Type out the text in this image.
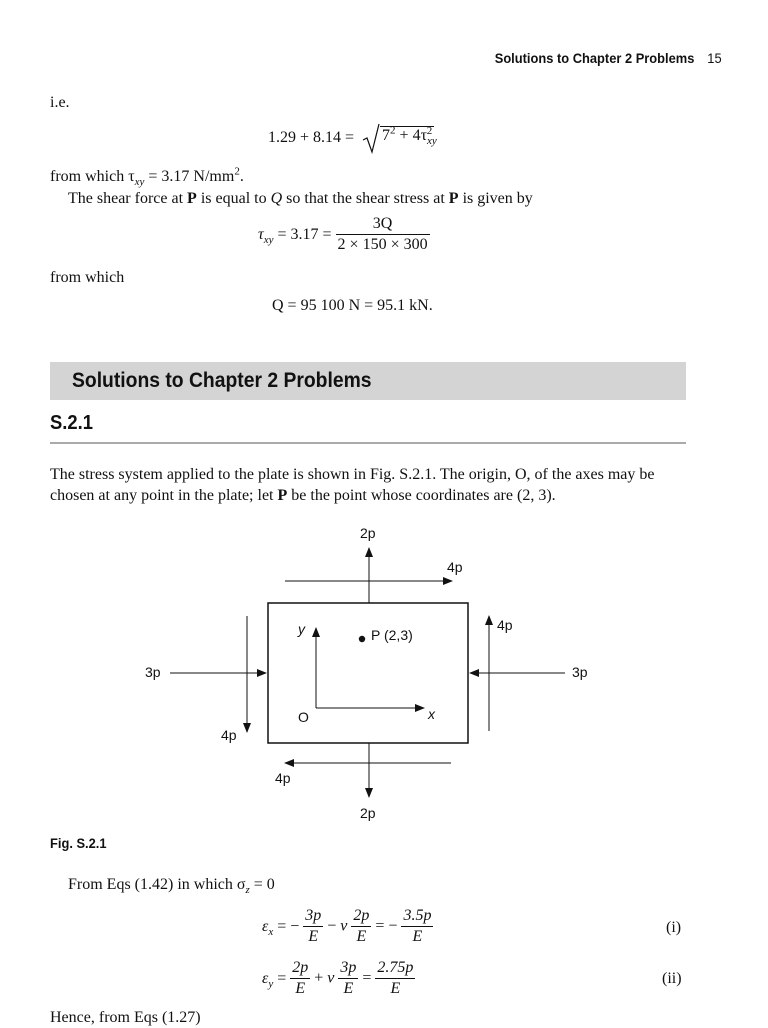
Solutions to Chapter 2 Problems 15
i.e.
$1.29 + 8.14 = 7^2 + 4\tau_{xy}^2$
from which $\tau_{xy} = 3.17$ $N/mm^2$.
The shear force at P is equal to Q so that the shear stress at P is given by
$\tau_{xy} = 3.17 = \frac{3Q}{2 \times 150 \times 300}$
from which
Q = 95 100 N = 95.1 kN.
Solutions to Chapter 2 Problems
S.2.1
The stress system applied to the plate is shown in Fig. S.2.1. The origin, O, of the axes may be chosen at any point in the plate; let P be the point whose coordinates are (2, 3).
2p
4p
4p
3p	3p
4p
4p
2p
y
x
O
P (2,3)
Fig. S.2.1
From Eqs (1.42) in which $\sigma_z = 0$
$\varepsilon_x$ = − $\frac{3p}{E} - \nu \frac{2p}{E}$ = − $\frac{3.5p}{E}$	(i)
$\varepsilon_y = \frac{2p}{E} + \nu \frac{3p}{E} = \frac{2.75p}{E}$	(ii)
Hence, from Eqs (1.27)
